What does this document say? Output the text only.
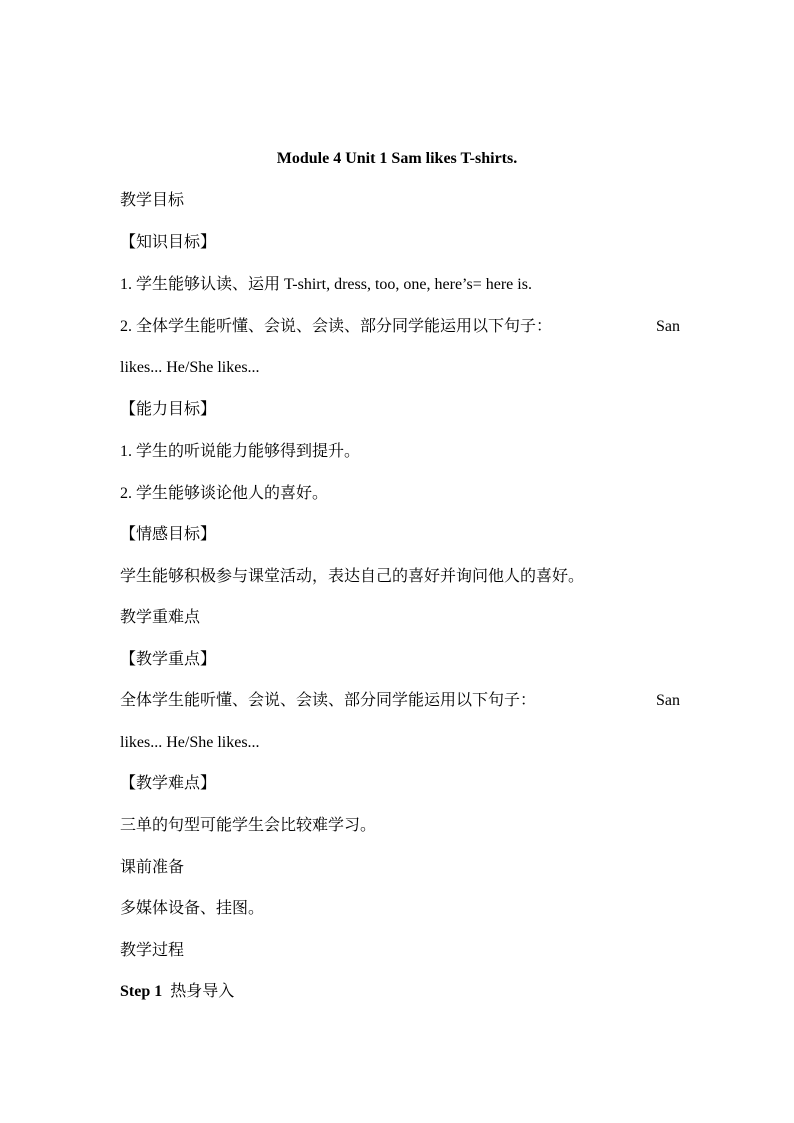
Module 4 Unit 1 Sam likes T-shirts.
教学目标
【知识目标】
1. 学生能够认读、运用 T-shirt, dress, too, one, here’s= here is.
2. 全体学生能听懂、会说、会读、部分同学能运用以下句子：	San
likes... He/She likes...
【能力目标】
1. 学生的听说能力能够得到提升。
2. 学生能够谈论他人的喜好。
【情感目标】
学生能够积极参与课堂活动，表达自己的喜好并询问他人的喜好。
教学重难点
【教学重点】
全体学生能听懂、会说、会读、部分同学能运用以下句子：	San
likes... He/She likes...
【教学难点】
三单的句型可能学生会比较难学习。
课前准备
多媒体设备、挂图。
教学过程
Step 1 热身导入
